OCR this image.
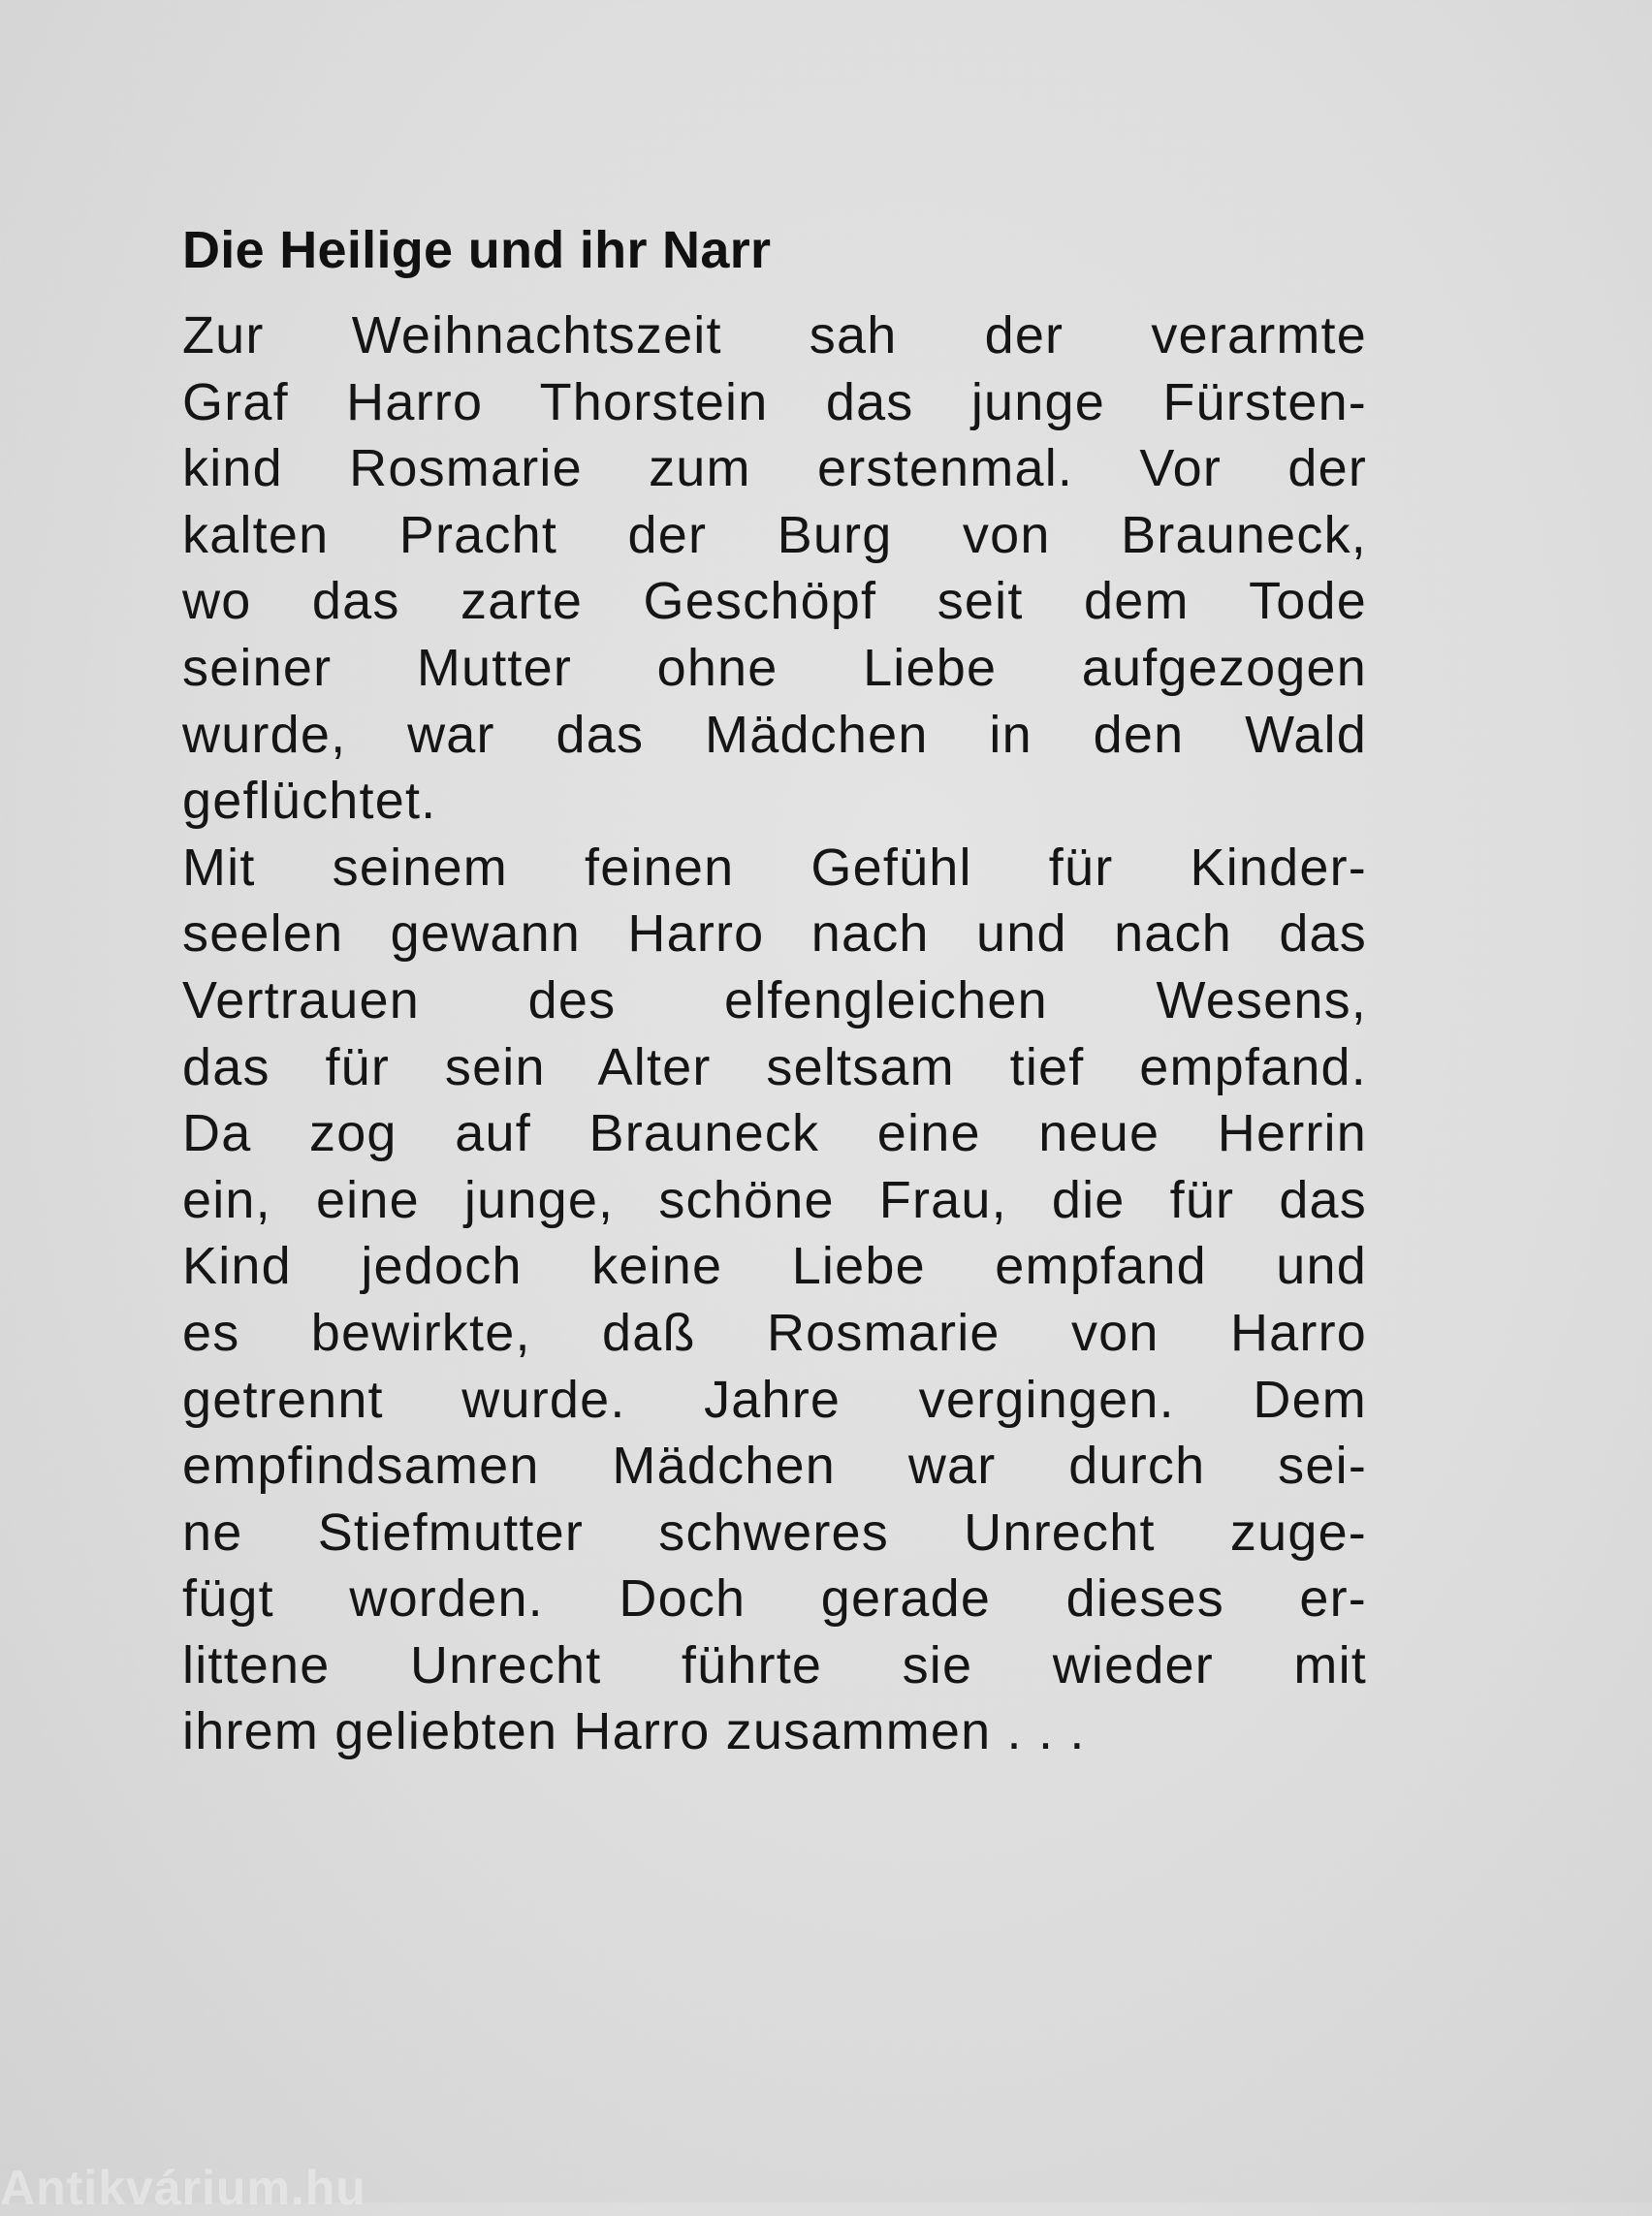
Die Heilige und ihr Narr
Zur Weihnachtszeit sah der verarmte
Graf Harro Thorstein das junge Fürsten-
kind Rosmarie zum erstenmal. Vor der
kalten Pracht der Burg von Brauneck,
wo das zarte Geschöpf seit dem Tode
seiner Mutter ohne Liebe aufgezogen
wurde, war das Mädchen in den Wald
geflüchtet.
Mit seinem feinen Gefühl für Kinder-
seelen gewann Harro nach und nach das
Vertrauen des elfengleichen Wesens,
das für sein Alter seltsam tief empfand.
Da zog auf Brauneck eine neue Herrin
ein, eine junge, schöne Frau, die für das
Kind jedoch keine Liebe empfand und
es bewirkte, daß Rosmarie von Harro
getrennt wurde. Jahre vergingen. Dem
empfindsamen Mädchen war durch sei-
ne Stiefmutter schweres Unrecht zuge-
fügt worden. Doch gerade dieses er-
littene Unrecht führte sie wieder mit
ihrem geliebten Harro zusammen . . .
Antikvárium.hu
